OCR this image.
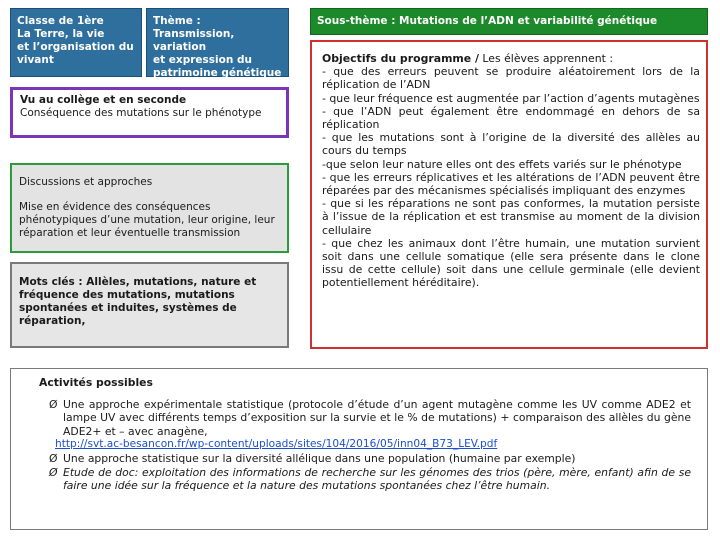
Classe de 1ère
La Terre, la vie
et l’organisation du
vivant
Thème :
Transmission, variation
et expression du
patrimoine génétique
Sous-thème : Mutations de l’ADN et variabilité génétique
Vu au collège et en seconde
Conséquence des mutations sur le phénotype
Discussions et approches
Mise en évidence des conséquences phénotypiques d’une mutation, leur origine, leur réparation et leur éventuelle transmission
Mots clés : Allèles, mutations, nature et fréquence des mutations, mutations spontanées et induites, systèmes de réparation,
Objectifs du programme / Les élèves apprennent :
- que des erreurs peuvent se produire aléatoirement lors de la réplication de l’ADN
- que leur fréquence est augmentée par l’action d’agents mutagènes
- que l’ADN peut également être endommagé en dehors de sa réplication
- que les mutations sont à l’origine de la diversité des allèles au cours du temps
-que selon leur nature elles ont des effets variés sur le phénotype
- que les erreurs réplicatives et les altérations de l’ADN peuvent être réparées par des mécanismes spécialisés impliquant des enzymes
- que si les réparations ne sont pas conformes, la mutation persiste à l’issue de la réplication et est transmise au moment de la division cellulaire
- que chez les animaux dont l’être humain, une mutation survient soit dans une cellule somatique (elle sera présente dans le clone issu de cette cellule) soit dans une cellule germinale (elle devient potentiellement héréditaire).
Activités possibles
Ø Une approche expérimentale statistique (protocole d’étude d’un agent mutagène comme les UV comme ADE2 et lampe UV avec différents temps d’exposition sur la survie et le % de mutations) + comparaison des allèles du gène ADE2+ et – avec anagène,
http://svt.ac-besancon.fr/wp-content/uploads/sites/104/2016/05/inn04_B73_LEV.pdf
Ø Une approche statistique sur la diversité allélique dans une population (humaine par exemple)
Ø Etude de doc: exploitation des informations de recherche sur les génomes des trios (père, mère, enfant) afin de se faire une idée sur la fréquence et la nature des mutations spontanées chez l’être humain.
